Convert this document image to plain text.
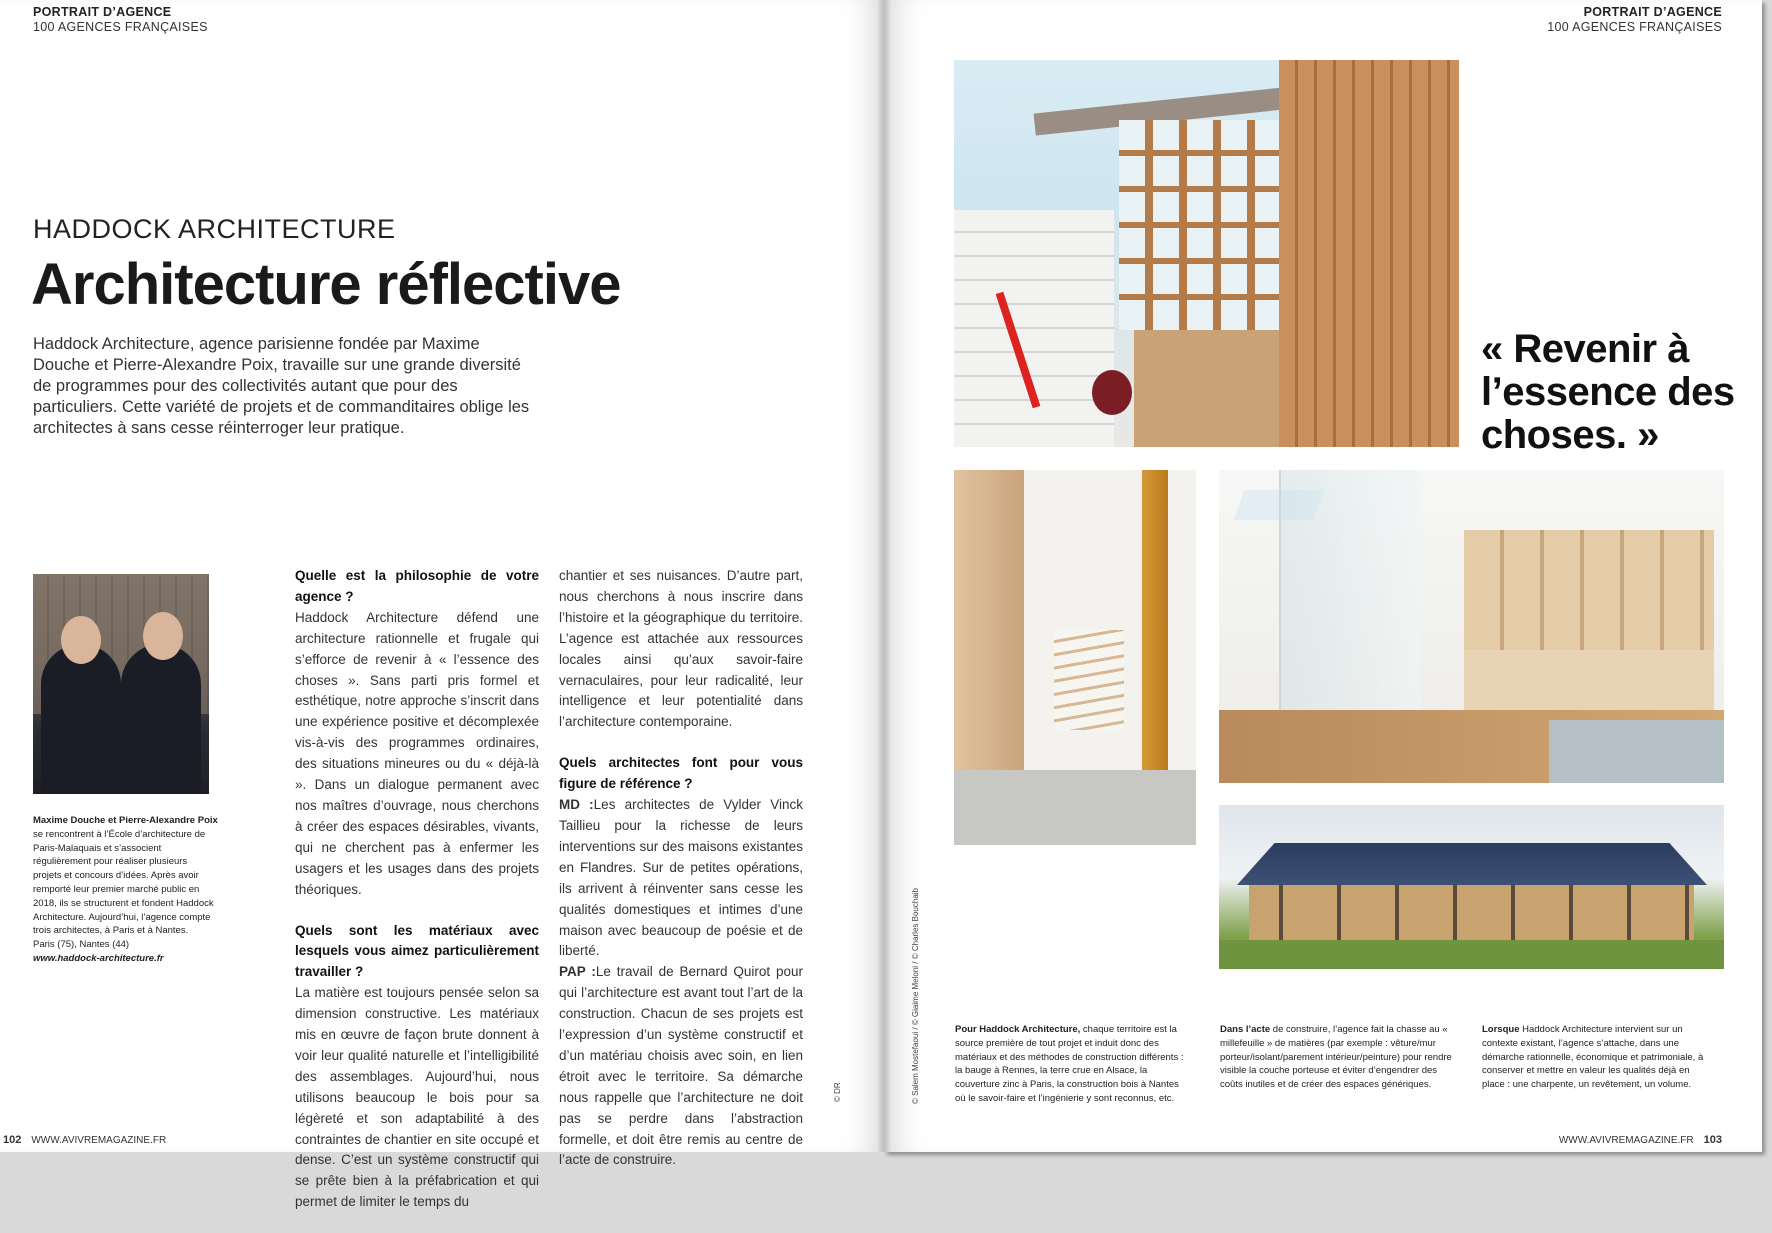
PORTRAIT D’AGENCE
100 AGENCES FRANÇAISES
HADDOCK ARCHITECTURE
Architecture réflective
Haddock Architecture, agence parisienne fondée par Maxime Douche et Pierre-Alexandre Poix, travaille sur une grande diversité de programmes pour des collectivités autant que pour des particuliers. Cette variété de projets et de commanditaires oblige les architectes à sans cesse réinterroger leur pratique.
Maxime Douche et Pierre-Alexandre Poix
se rencontrent à l’École d’architecture de Paris-Malaquais et s’associent régulièrement pour réaliser plusieurs projets et concours d’idées. Après avoir remporté leur premier marché public en 2018, ils se structurent et fondent Haddock Architecture. Aujourd’hui, l’agence compte trois architectes, à Paris et à Nantes.
Paris (75), Nantes (44)
www.haddock-architecture.fr

Quelle est la philosophie de votre agence ?

Haddock Architecture défend une architecture rationnelle et frugale qui s’efforce de revenir à « l’essence des choses ». Sans parti pris formel et esthétique, notre approche s’inscrit dans une expérience positive et décomplexée vis-à-vis des programmes ordinaires, des situations mineures ou du « déjà-là ». Dans un dialogue permanent avec nos maîtres d’ouvrage, nous cherchons à créer des espaces désirables, vivants, qui ne cherchent pas à enfermer les usagers et les usages dans des projets théoriques.

Quels sont les matériaux avec lesquels vous aimez particulièrement travailler ?

La matière est toujours pensée selon sa dimension constructive. Les matériaux mis en œuvre de façon brute donnent à voir leur qualité naturelle et l’intelligibilité des assemblages. Aujourd’hui, nous utilisons beaucoup le bois pour sa légèreté et son adaptabilité à des contraintes de chantier en site occupé et dense. C’est un système constructif qui se prête bien à la préfabrication et qui permet de limiter le temps du

chantier et ses nuisances. D’autre part, nous cherchons à nous inscrire dans l’histoire et la géographique du territoire. L’agence est attachée aux ressources locales ainsi qu’aux savoir-faire vernaculaires, pour leur radicalité, leur intelligence et leur potentialité dans l’architecture contemporaine.

Quels architectes font pour vous figure de référence ?

MD :Les architectes de Vylder Vinck Taillieu pour la richesse de leurs interventions sur des maisons existantes en Flandres. Sur de petites opérations, ils arrivent à réinventer sans cesse les qualités domestiques et intimes d’une maison avec beaucoup de poésie et de liberté.

PAP :Le travail de Bernard Quirot pour qui l’architecture est avant tout l’art de la construction. Chacun de ses projets est l’expression d’un système constructif et d’un matériau choisis avec soin, en lien étroit avec le territoire. Sa démarche nous rappelle que l’architecture ne doit pas se perdre dans l’abstraction formelle, et doit être remis au centre de l’acte de construire.

© DR
102 WWW.AVIVREMAGAZINE.FR
PORTRAIT D’AGENCE
100 AGENCES FRANÇAISES
WWW.AVIVREMAGAZINE.FR 103
« Revenir à l’essence des choses. »
© Salem Mostefaoui / © Giaime Meloni / © Charles Bouchaib	Pour Haddock Architecture, chaque territoire est la source première de tout projet et induit donc des matériaux et des méthodes de construction différents : la bauge à Rennes, la terre crue en Alsace, la couverture zinc à Paris, la construction bois à Nantes où le savoir-faire et l’ingénierie y sont reconnus, etc.
Dans l’acte de construire, l’agence fait la chasse au « millefeuille » de matières (par exemple : vêture/mur porteur/isolant/parement intérieur/peinture) pour rendre visible la couche porteuse et éviter d’engendrer des coûts inutiles et de créer des espaces génériques.
Lorsque Haddock Architecture intervient sur un contexte existant, l’agence s’attache, dans une démarche rationnelle, économique et patrimoniale, à conserver et mettre en valeur les qualités déjà en place : une charpente, un revêtement, un volume.
